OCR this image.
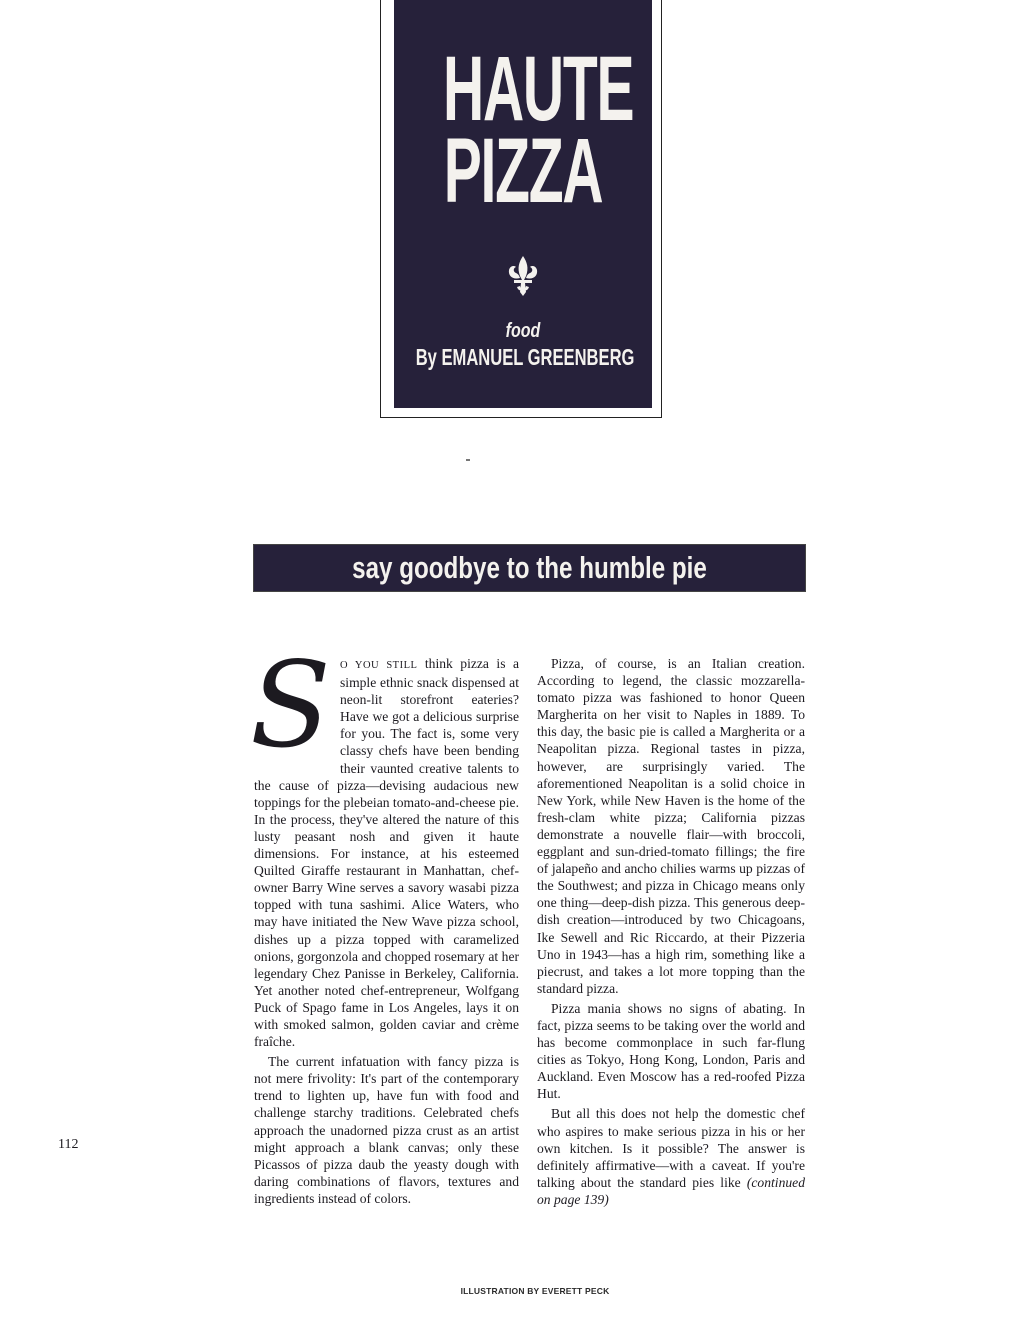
HAUTE
PIZZA
food
By EMANUEL GREENBERG
say goodbye to the humble pie

S O YOU STILL think pizza is a simple ethnic snack dispensed at neon-lit storefront eateries? Have we got a delicious surprise for you. The fact is, some very classy chefs have been bending their vaunted creative talents to the cause of pizza—devising audacious new toppings for the plebeian tomato-and-cheese pie. In the process, they've altered the nature of this lusty peasant nosh and given it haute dimensions. For instance, at his esteemed Quilted Giraffe restaurant in Manhattan, chef-owner Barry Wine serves a savory wasabi pizza topped with tuna sashimi. Alice Waters, who may have initiated the New Wave pizza school, dishes up a pizza topped with caramelized onions, gorgonzola and chopped rosemary at her legendary Chez Panisse in Berkeley, California. Yet another noted chef-entrepreneur, Wolfgang Puck of Spago fame in Los Angeles, lays it on with smoked salmon, golden caviar and crème fraîche.

The current infatuation with fancy pizza is not mere frivolity: It's part of the contemporary trend to lighten up, have fun with food and challenge starchy traditions. Celebrated chefs approach the unadorned pizza crust as an artist might approach a blank canvas; only these Picassos of pizza daub the yeasty dough with daring combinations of flavors, textures and ingredients instead of colors.

Pizza, of course, is an Italian creation. According to legend, the classic mozzarella-tomato pizza was fashioned to honor Queen Margherita on her visit to Naples in 1889. To this day, the basic pie is called a Margherita or a Neapolitan pizza. Regional tastes in pizza, however, are surprisingly varied. The aforementioned Neapolitan is a solid choice in New York, while New Haven is the home of the fresh-clam white pizza; California pizzas demonstrate a nouvelle flair—with broccoli, eggplant and sun-dried-tomato fillings; the fire of jalapeño and ancho chilies warms up pizzas of the Southwest; and pizza in Chicago means only one thing—deep-dish pizza. This generous deep-dish creation—introduced by two Chicagoans, Ike Sewell and Ric Riccardo, at their Pizzeria Uno in 1943—has a high rim, something like a piecrust, and takes a lot more topping than the standard pizza.

Pizza mania shows no signs of abating. In fact, pizza seems to be taking over the world and has become commonplace in such far-flung cities as Tokyo, Hong Kong, London, Paris and Auckland. Even Moscow has a red-roofed Pizza Hut.

But all this does not help the domestic chef who aspires to make serious pizza in his or her own kitchen. Is it possible? The answer is definitely affirmative—with a caveat. If you're talking about the standard pies like (continued on page 139)

112
ILLUSTRATION BY EVERETT PECK
